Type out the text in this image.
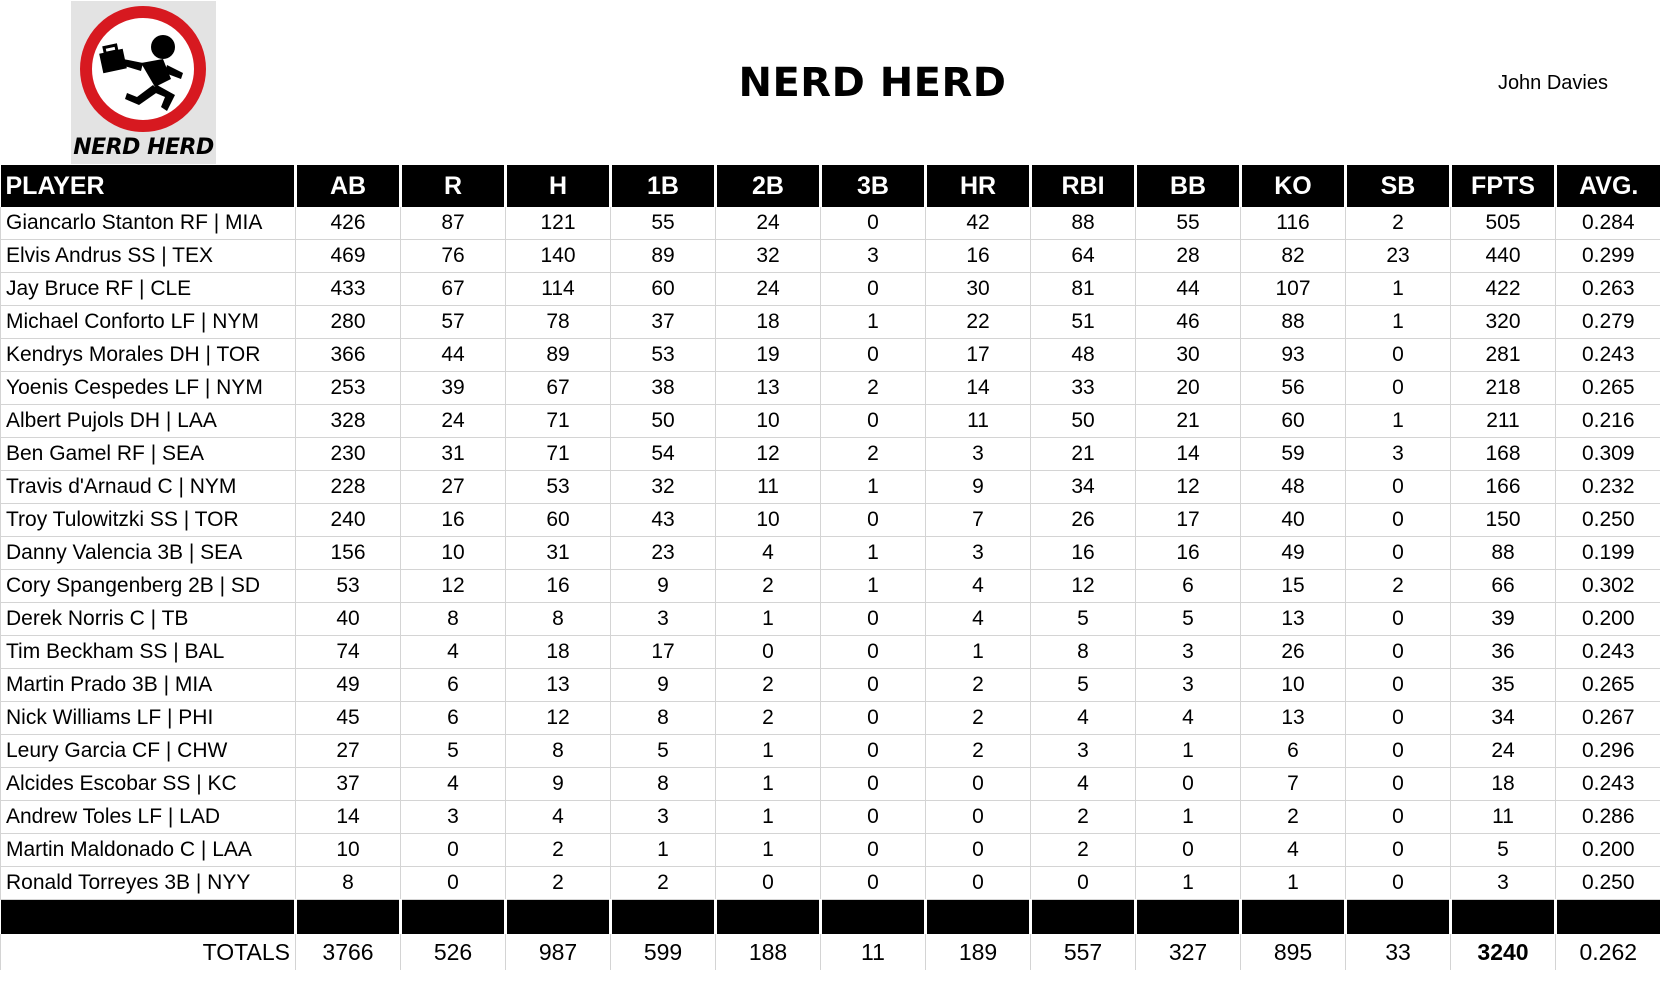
NERD HERD
NERD HERD	John Davies
PLAYER	AB	R	H	1B	2B	3B	HR	RBI	BB	KO	SB	FPTS	AVG.
Giancarlo Stanton RF | MIA	426	87	121	55	24	0	42	88	55	116	2	505	0.284
Elvis Andrus SS | TEX	469	76	140	89	32	3	16	64	28	82	23	440	0.299
Jay Bruce RF | CLE	433	67	114	60	24	0	30	81	44	107	1	422	0.263
Michael Conforto LF | NYM	280	57	78	37	18	1	22	51	46	88	1	320	0.279
Kendrys Morales DH | TOR	366	44	89	53	19	0	17	48	30	93	0	281	0.243
Yoenis Cespedes LF | NYM	253	39	67	38	13	2	14	33	20	56	0	218	0.265
Albert Pujols DH | LAA	328	24	71	50	10	0	11	50	21	60	1	211	0.216
Ben Gamel RF | SEA	230	31	71	54	12	2	3	21	14	59	3	168	0.309
Travis d'Arnaud C | NYM	228	27	53	32	11	1	9	34	12	48	0	166	0.232
Troy Tulowitzki SS | TOR	240	16	60	43	10	0	7	26	17	40	0	150	0.250
Danny Valencia 3B | SEA	156	10	31	23	4	1	3	16	16	49	0	88	0.199
Cory Spangenberg 2B | SD	53	12	16	9	2	1	4	12	6	15	2	66	0.302
Derek Norris C | TB	40	8	8	3	1	0	4	5	5	13	0	39	0.200
Tim Beckham SS | BAL	74	4	18	17	0	0	1	8	3	26	0	36	0.243
Martin Prado 3B | MIA	49	6	13	9	2	0	2	5	3	10	0	35	0.265
Nick Williams LF | PHI	45	6	12	8	2	0	2	4	4	13	0	34	0.267
Leury Garcia CF | CHW	27	5	8	5	1	0	2	3	1	6	0	24	0.296
Alcides Escobar SS | KC	37	4	9	8	1	0	0	4	0	7	0	18	0.243
Andrew Toles LF | LAD	14	3	4	3	1	0	0	2	1	2	0	11	0.286
Martin Maldonado C | LAA	10	0	2	1	1	0	0	2	0	4	0	5	0.200
Ronald Torreyes 3B | NYY	8	0	2	2	0	0	0	0	1	1	0	3	0.250

TOTALS	3766	526	987	599	188	11	189	557	327	895	33	3240	0.262
